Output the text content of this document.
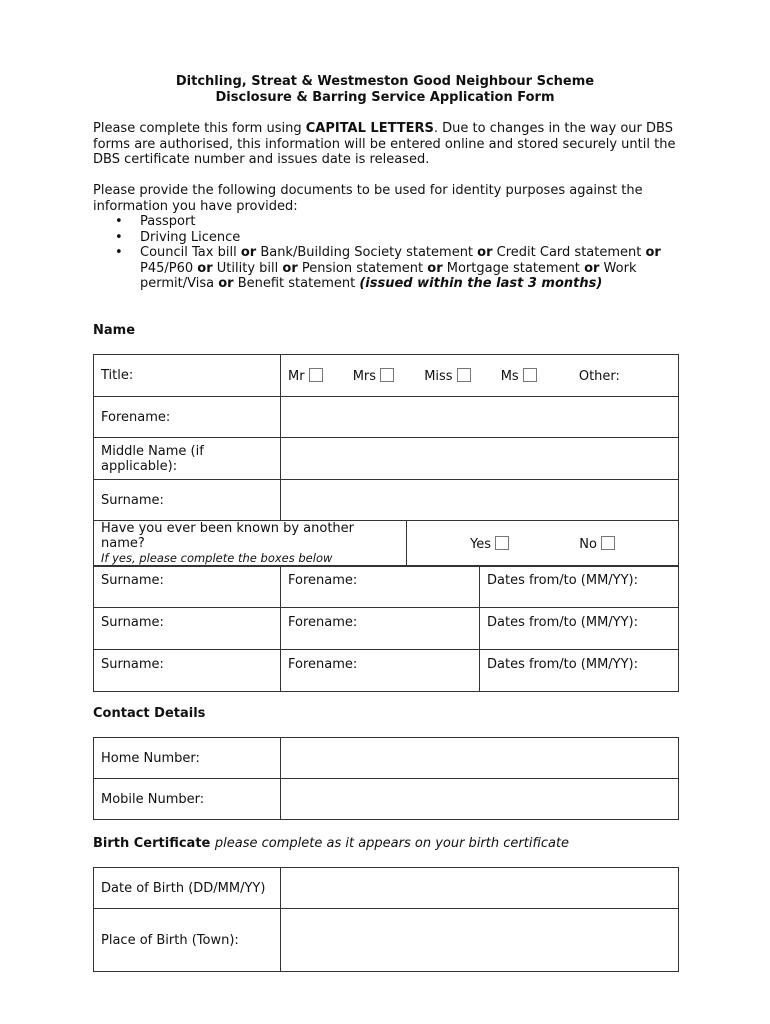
Ditchling, Streat & Westmeston Good Neighbour Scheme
Disclosure & Barring Service Application Form
Please complete this form using CAPITAL LETTERS. Due to changes in the way our DBS forms are authorised, this information will be entered online and stored securely until the DBS certificate number and issues date is released.
Please provide the following documents to be used for identity purposes against the information you have provided:
• Passport
• Driving Licence
• Council Tax bill or Bank/Building Society statement or Credit Card statement or P45/P60 or Utility bill or Pension statement or Mortgage statement or Work permit/Visa or Benefit statement (issued within the last 3 months)
Name
Title:	Mr Mrs Miss Ms Other:	
Forename:		
Middle Name (if applicable):		
Surname:		

Have you ever been known by another name?
If yes, please complete the boxes below		Yes No
Surname:	Forename:	Dates from/to (MM/YY):
Surname:	Forename:	Dates from/to (MM/YY):
Surname:	Forename:	Dates from/to (MM/YY):
Contact Details
Home Number:	
Mobile Number:	
Birth Certificate please complete as it appears on your birth certificate
Date of Birth (DD/MM/YY)	
Place of Birth (Town):	
